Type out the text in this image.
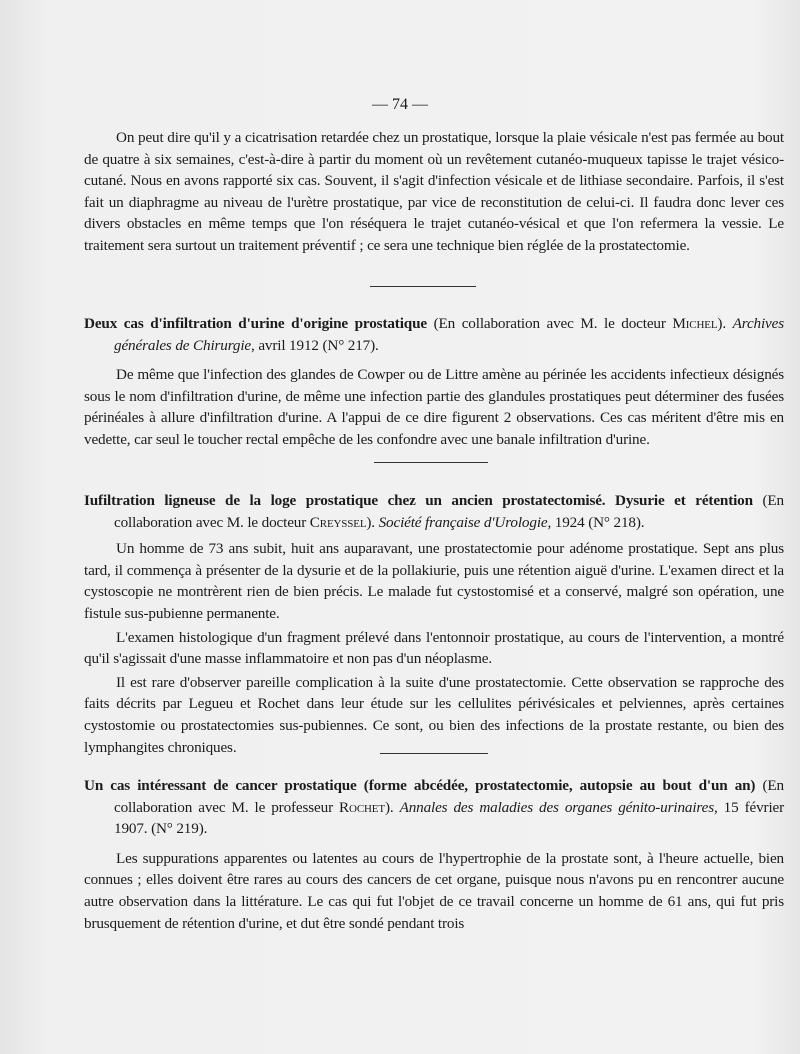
— 74 —

On peut dire qu'il y a cicatrisation retardée chez un prostatique, lorsque la plaie vésicale n'est pas fermée au bout de quatre à six semaines, c'est-à-dire à partir du moment où un revêtement cutanéo-muqueux tapisse le trajet vésico-cutané. Nous en avons rapporté six cas. Souvent, il s'agit d'infection vésicale et de lithiase secondaire. Parfois, il s'est fait un diaphragme au niveau de l'urètre prostatique, par vice de reconstitution de celui-ci. Il faudra donc lever ces divers obstacles en même temps que l'on réséquera le trajet cutanéo-vésical et que l'on refermera la vessie. Le traitement sera surtout un traitement préventif ; ce sera une technique bien réglée de la prostatectomie.

Deux cas d'infiltration d'urine d'origine prostatique (En collaboration avec M. le docteur Michel). Archives générales de Chirurgie, avril 1912 (N° 217).

De même que l'infection des glandes de Cowper ou de Littre amène au périnée les accidents infectieux désignés sous le nom d'infiltration d'urine, de même une infection partie des glandules prostatiques peut déterminer des fusées périnéales à allure d'infiltration d'urine. A l'appui de ce dire figurent 2 observations. Ces cas méritent d'être mis en vedette, car seul le toucher rectal empêche de les confondre avec une banale infiltration d'urine.

Iufiltration ligneuse de la loge prostatique chez un ancien prostatectomisé. Dysurie et rétention (En collaboration avec M. le docteur Creyssel). Société française d'Urologie, 1924 (N° 218).

Un homme de 73 ans subit, huit ans auparavant, une prostatectomie pour adénome prostatique. Sept ans plus tard, il commença à présenter de la dysurie et de la pollakiurie, puis une rétention aiguë d'urine. L'examen direct et la cystoscopie ne montrèrent rien de bien précis. Le malade fut cystostomisé et a conservé, malgré son opération, une fistule sus-pubienne permanente.

L'examen histologique d'un fragment prélevé dans l'entonnoir prostatique, au cours de l'intervention, a montré qu'il s'agissait d'une masse inflammatoire et non pas d'un néoplasme.

Il est rare d'observer pareille complication à la suite d'une prostatectomie. Cette observation se rapproche des faits décrits par Legueu et Rochet dans leur étude sur les cellulites périvésicales et pelviennes, après certaines cystostomie ou prostatectomies sus-pubiennes. Ce sont, ou bien des infections de la prostate restante, ou bien des lymphangites chroniques.

Un cas intéressant de cancer prostatique (forme abcédée, prostatectomie, autopsie au bout d'un an) (En collaboration avec M. le professeur Rochet). Annales des maladies des organes génito-urinaires, 15 février 1907. (N° 219).

Les suppurations apparentes ou latentes au cours de l'hypertrophie de la prostate sont, à l'heure actuelle, bien connues ; elles doivent être rares au cours des cancers de cet organe, puisque nous n'avons pu en rencontrer aucune autre observation dans la littérature. Le cas qui fut l'objet de ce travail concerne un homme de 61 ans, qui fut pris brusquement de rétention d'urine, et dut être sondé pendant trois
